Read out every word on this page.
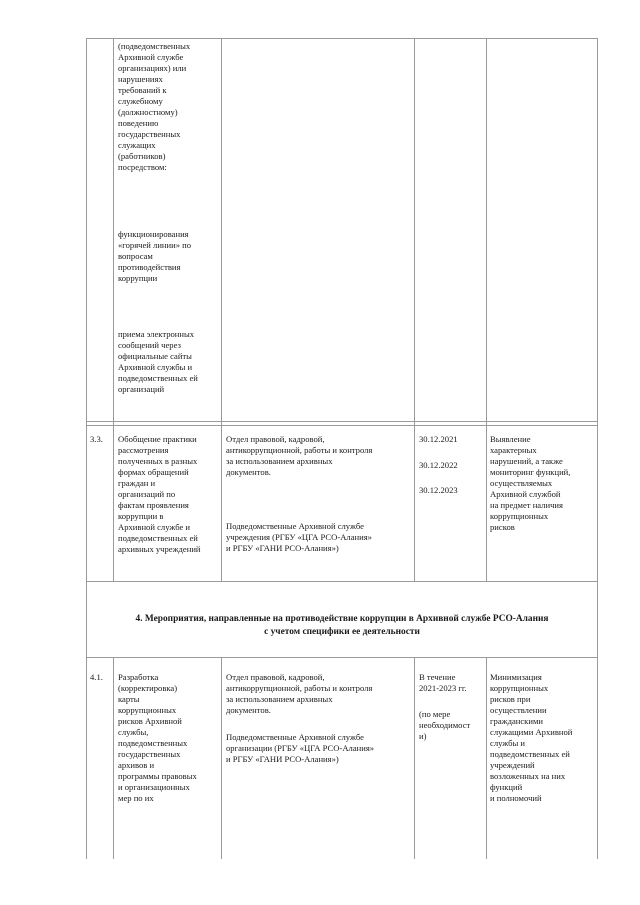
(подведомственных
Архивной службе
организациях) или
нарушениях
требований к
служебному
(должностному)
поведению
государственных
служащих
(работников)
посредством:
функционирования
«горячей линии» по
вопросам
противодействия
коррупции
приема электронных
сообщений через
официальные сайты
Архивной службы и
подведомственных ей
организаций
3.3.	Обобщение практики
рассмотрения
полученных в разных
формах обращений
граждан и
организаций по
фактам проявления
коррупции в
Архивной службе и
подведомственных ей
архивных учреждений
Отдел правовой, кадровой,
антикоррупционной, работы и контроля
за использованием архивных
документов.
Подведомственные Архивной службе
учреждения (РГБУ «ЦГА РСО-Алания»
и РГБУ «ГАНИ РСО-Алания»)
30.12.2021
30.12.2022
30.12.2023
Выявление
характерных
нарушений, а также
мониторинг функций,
осуществляемых
Архивной службой
на предмет наличия
коррупционных
рисков
4. Мероприятия, направленные на противодействие коррупции в Архивной службе РСО-Алания
с учетом специфики ее деятельности
4.1.	Разработка
(корректировка)
карты
коррупционных
рисков Архивной
службы,
подведомственных
государственных
архивов и
программы правовых
и организационных
мер по их
Отдел правовой, кадровой,
антикоррупционной, работы и контроля
за использованием архивных
документов.
Подведомственные Архивной службе
организации (РГБУ «ЦГА РСО-Алания»
и РГБУ «ГАНИ РСО-Алания»)
В течение
2021-2023 гг.
(по мере
необходимост
и)
Минимизация
коррупционных
рисков при
осуществлении
гражданскими
служащими Архивной
службы и
подведомственных ей
учреждений
возложенных на них
функций
и полномочий
